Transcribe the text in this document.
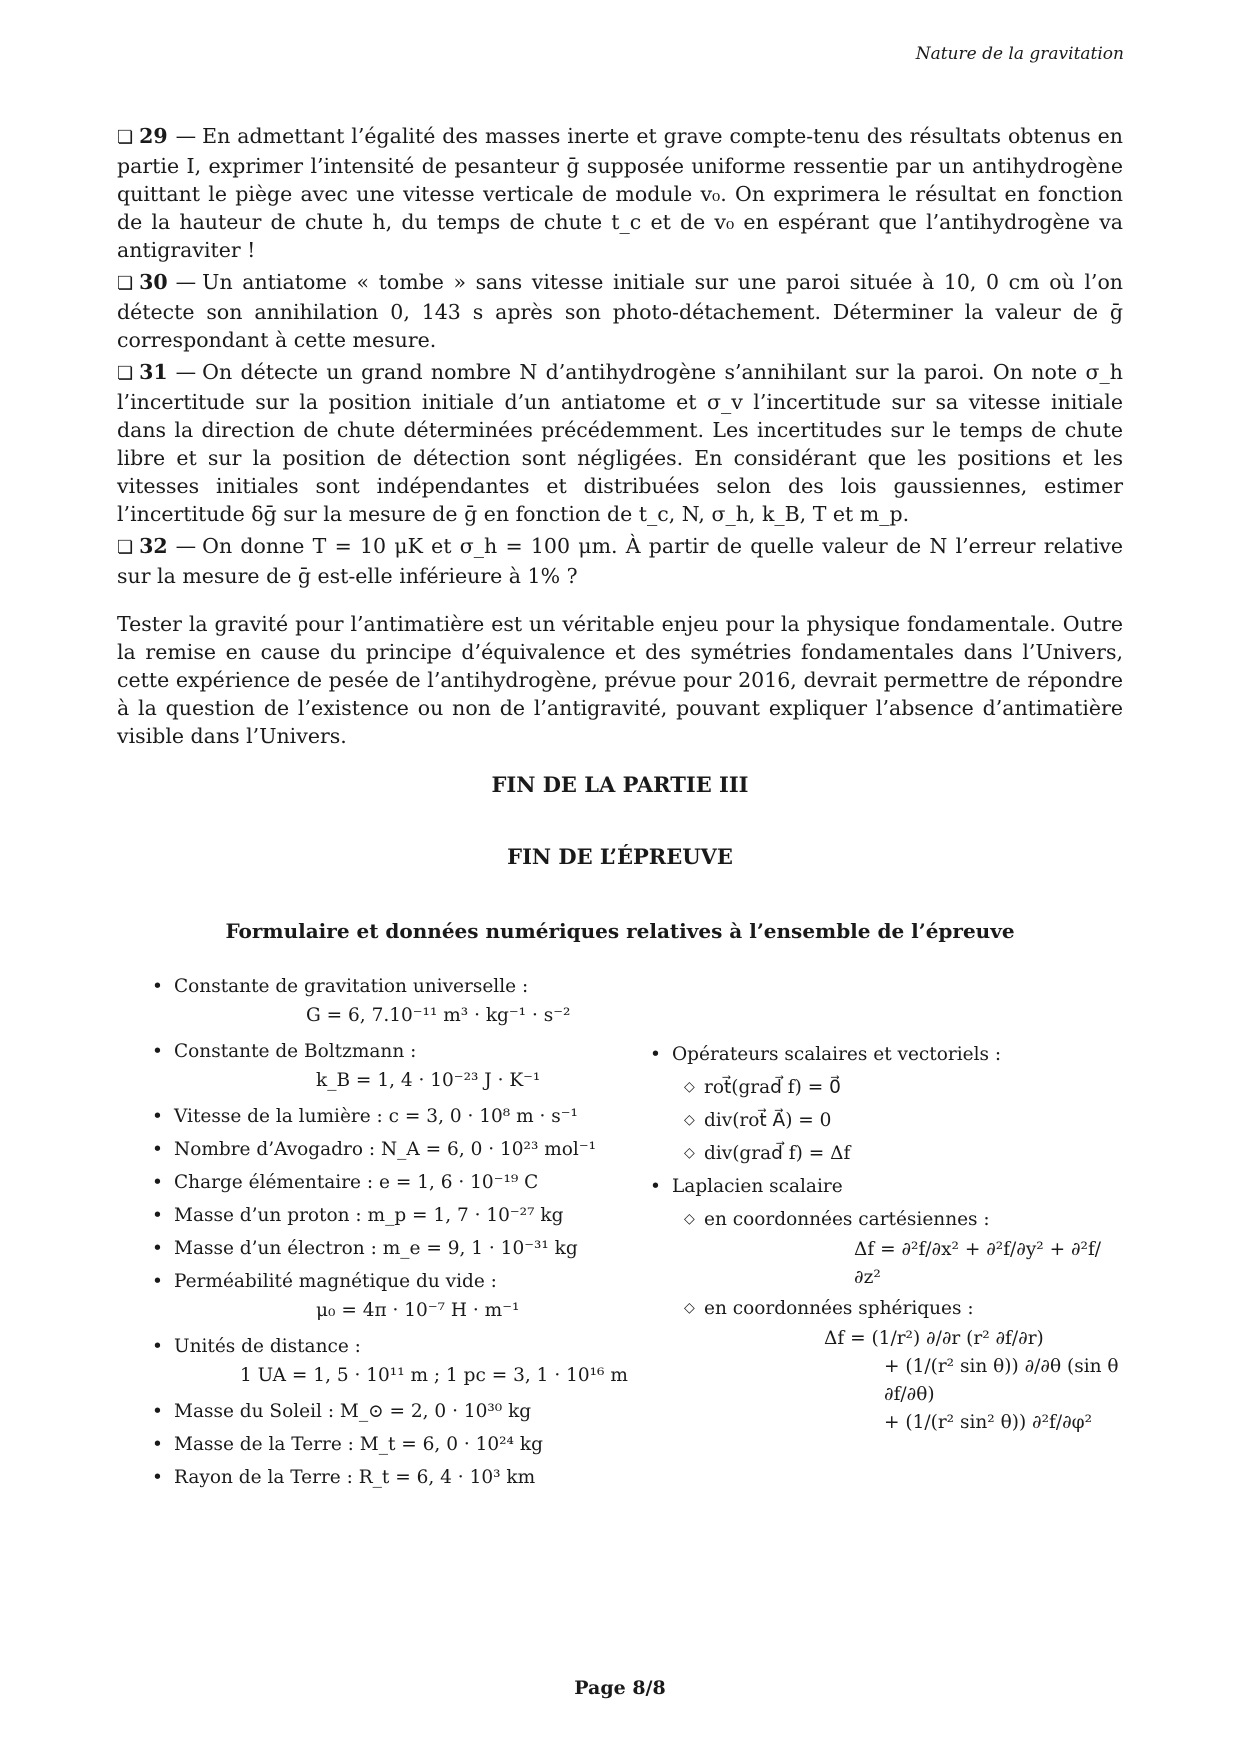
Nature de la gravitation

❏ 29 — En admettant l’égalité des masses inerte et grave compte-tenu des résultats obtenus en partie I, exprimer l’intensité de pesanteur ḡ supposée uniforme ressentie par un antihydrogène quittant le piège avec une vitesse verticale de module v₀. On exprimera le résultat en fonction de la hauteur de chute h, du temps de chute t_c et de v₀ en espérant que l’antihydrogène va antigraviter !

❏ 30 — Un antiatome « tombe » sans vitesse initiale sur une paroi située à 10, 0 cm où l’on détecte son annihilation 0, 143 s après son photo-détachement. Déterminer la valeur de ḡ correspondant à cette mesure.

❏ 31 — On détecte un grand nombre N d’antihydrogène s’annihilant sur la paroi. On note σ_h l’incertitude sur la position initiale d’un antiatome et σ_v l’incertitude sur sa vitesse initiale dans la direction de chute déterminées précédemment. Les incertitudes sur le temps de chute libre et sur la position de détection sont négligées. En considérant que les positions et les vitesses initiales sont indépendantes et distribuées selon des lois gaussiennes, estimer l’incertitude δḡ sur la mesure de ḡ en fonction de t_c, N, σ_h, k_B, T et m_p.

❏ 32 — On donne T = 10 μK et σ_h = 100 μm. À partir de quelle valeur de N l’erreur relative sur la mesure de ḡ est-elle inférieure à 1% ?

Tester la gravité pour l’antimatière est un véritable enjeu pour la physique fondamentale. Outre la remise en cause du principe d’équivalence et des symétries fondamentales dans l’Univers, cette expérience de pesée de l’antihydrogène, prévue pour 2016, devrait permettre de répondre à la question de l’existence ou non de l’antigravité, pouvant expliquer l’absence d’antimatière visible dans l’Univers.

FIN DE LA PARTIE III
FIN DE L’ÉPREUVE
Formulaire et données numériques relatives à l’ensemble de l’épreuve
• Constante de gravitation universelle :
G = 6, 7.10⁻¹¹ m³ · kg⁻¹ · s⁻²
• Constante de Boltzmann :
k_B = 1, 4 · 10⁻²³ J · K⁻¹
• Vitesse de la lumière : c = 3, 0 · 10⁸ m · s⁻¹
• Nombre d’Avogadro : N_A = 6, 0 · 10²³ mol⁻¹
• Charge élémentaire : e = 1, 6 · 10⁻¹⁹ C
• Masse d’un proton : m_p = 1, 7 · 10⁻²⁷ kg
• Masse d’un électron : m_e = 9, 1 · 10⁻³¹ kg
• Perméabilité magnétique du vide :
μ₀ = 4π · 10⁻⁷ H · m⁻¹
• Unités de distance :
1 UA = 1, 5 · 10¹¹ m ; 1 pc = 3, 1 · 10¹⁶ m
• Masse du Soleil : M_⊙ = 2, 0 · 10³⁰ kg
• Masse de la Terre : M_t = 6, 0 · 10²⁴ kg
• Rayon de la Terre : R_t = 6, 4 · 10³ km
• Opérateurs scalaires et vectoriels :
◇ rot⃗(grad⃗ f) = 0⃗
◇ div(rot⃗ A⃗) = 0
◇ div(grad⃗ f) = Δf
• Laplacien scalaire
◇ en coordonnées cartésiennes :
Δf = ∂²f/∂x² + ∂²f/∂y² + ∂²f/∂z²
◇ en coordonnées sphériques :
Δf = (1/r²) ∂/∂r (r² ∂f/∂r)
+ (1/(r² sin θ)) ∂/∂θ (sin θ ∂f/∂θ)
+ (1/(r² sin² θ)) ∂²f/∂φ²
Page 8/8
